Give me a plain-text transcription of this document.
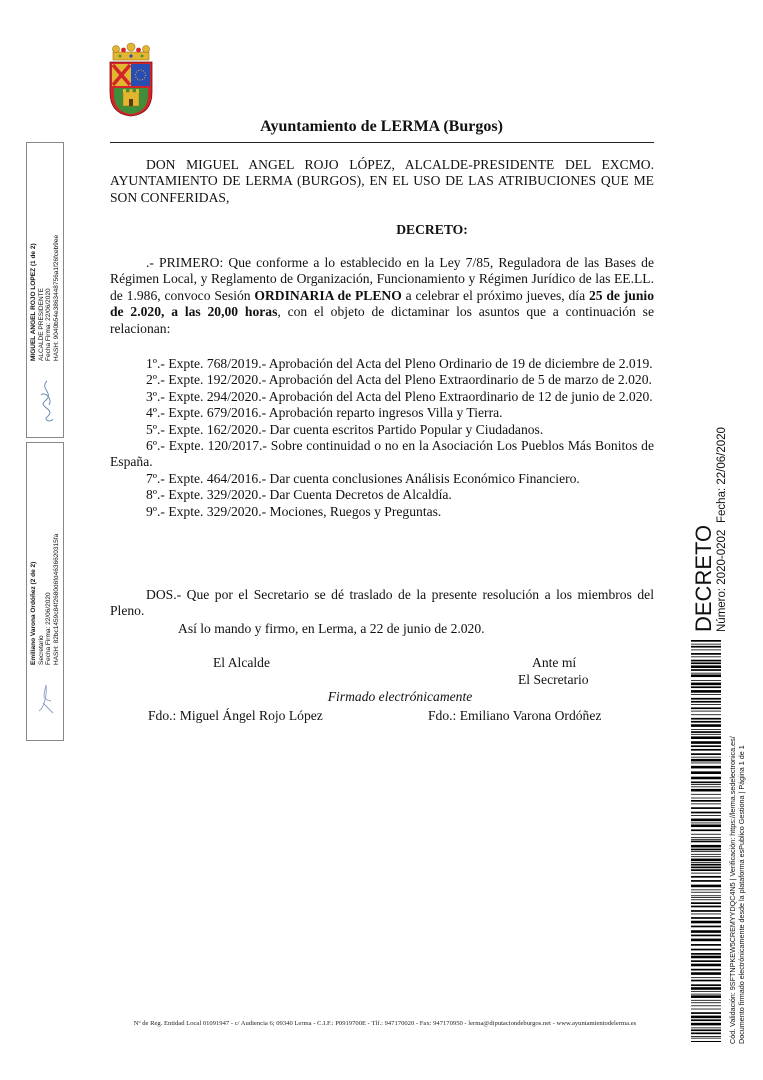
Ayuntamiento de LERMA (Burgos)
DON MIGUEL ANGEL ROJO LÓPEZ, ALCALDE-PRESIDENTE DEL EXCMO. AYUNTAMIENTO DE LERMA (BURGOS), EN EL USO DE LAS ATRIBUCIONES QUE ME SON CONFERIDAS,
DECRETO:
.- PRIMERO: Que conforme a lo establecido en la Ley 7/85, Reguladora de las Bases de Régimen Local, y Reglamento de Organización, Funcionamiento y Régimen Jurídico de las EE.LL. de 1.986, convoco Sesión ORDINARIA de PLENO a celebrar el próximo jueves, día 25 de junio de 2.020, a las 20,00 horas, con el objeto de dictaminar los asuntos que a continuación se relacionan:

1º.- Expte. 768/2019.- Aprobación del Acta del Pleno Ordinario de 19 de diciembre de 2.019.

2º.- Expte. 192/2020.- Aprobación del Acta del Pleno Extraordinario de 5 de marzo de 2.020.

3º.- Expte. 294/2020.- Aprobación del Acta del Pleno Extraordinario de 12 de junio de 2.020.

4º.- Expte. 679/2016.- Aprobación reparto ingresos Villa y Tierra.

5º.- Expte. 162/2020.- Dar cuenta escritos Partido Popular y Ciudadanos.

6º.- Expte. 120/2017.- Sobre continuidad o no en la Asociación Los Pueblos Más Bonitos de España.

7º.- Expte. 464/2016.- Dar cuenta conclusiones Análisis Económico Financiero.

8º.- Expte. 329/2020.- Dar Cuenta Decretos de Alcaldía.

9º.- Expte. 329/2020.- Mociones, Ruegos y Preguntas.

DOS.- Que por el Secretario se dé traslado de la presente resolución a los miembros del Pleno.
Así lo mando y firmo, en Lerma, a 22 de junio de 2.020.
El Alcalde	Ante mí
El Secretario
Firmado electrónicamente
Fdo.: Miguel Ángel Rojo López	Fdo.: Emiliano Varona Ordóñez
MIGUEL ANGEL ROJO LOPEZ (1 de 2) ALCALDE PRESIDENTE Fecha Firma: 22/06/2020 HASH: 9040b54e3863448756a1f26fceb9ee
Emiliano Varona Ordóñez (2 de 2) Secretario Fecha Firma: 22/06/2020 HASH: 82bc1459c84f2680d6fd4636620315fa	DECRETO Número: 2020-0202
Fecha: 22/06/2020
Cód. Validación: 9SFTNPKEW5CREMYYDQC4N5 | Verificación: https://lerma.sedelectronica.es/ Documento firmado electrónicamente desde la plataforma esPublico Gestiona | Página 1 de 1
Nº de Reg. Entidad Local 01091947 - c/ Audiencia 6; 09340 Lerma - C.I.F.: P0919700E - Tlf.: 947170020 - Fax: 947170950 - lerma@diputaciondeburgos.net - www.ayuntamientodelerma.es
